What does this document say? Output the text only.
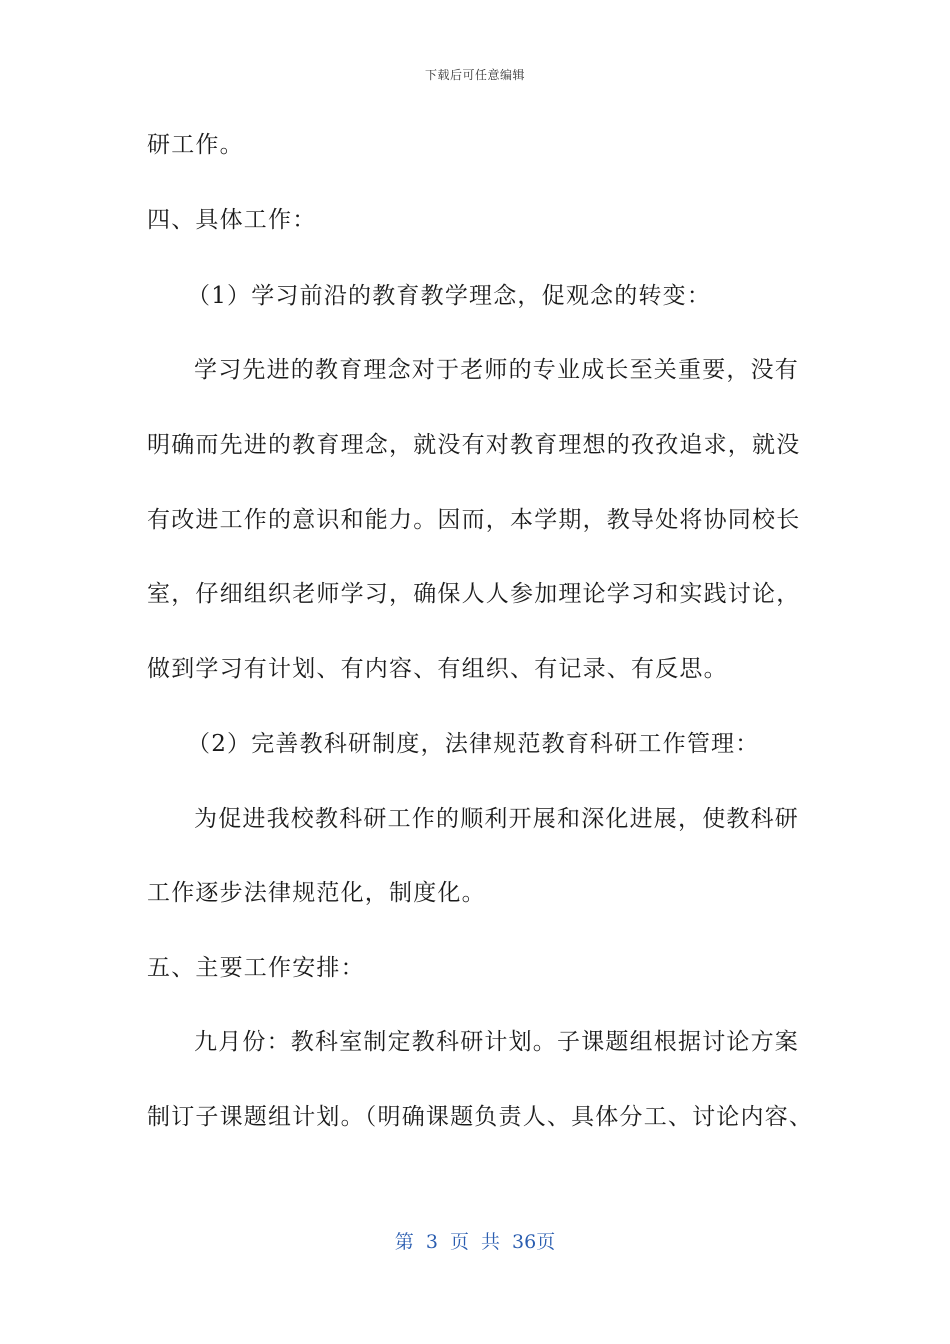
下载后可任意编辑
研工作。
四、具体工作：
（1）学习前沿的教育教学理念，促观念的转变：
学习先进的教育理念对于老师的专业成长至关重要，没有
明确而先进的教育理念，就没有对教育理想的孜孜追求，就没
有改进工作的意识和能力。因而，本学期，教导处将协同校长
室，仔细组织老师学习，确保人人参加理论学习和实践讨论，
做到学习有计划、有内容、有组织、有记录、有反思。
（2）完善教科研制度，法律规范教育科研工作管理：
为促进我校教科研工作的顺利开展和深化进展，使教科研
工作逐步法律规范化，制度化。
五、主要工作安排：
九月份：教科室制定教科研计划。子课题组根据讨论方案
制订子课题组计划。（明确课题负责人、具体分工、讨论内容、
第 3 页 共 36页
